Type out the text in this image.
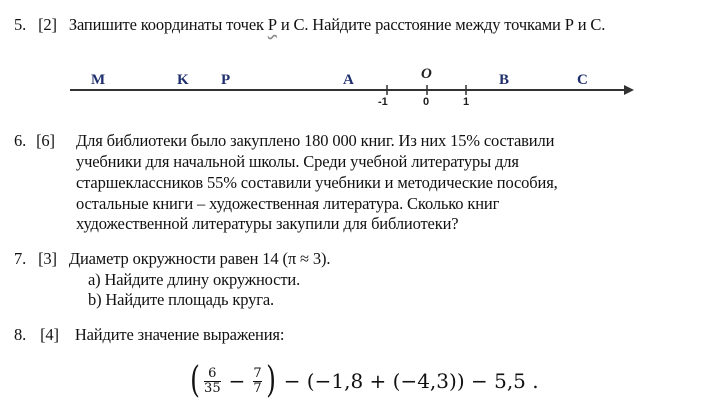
5. [2] Запишите координаты точек Р и С. Найдите расстояние между точками Р и С.
M	K P	A	O	B	C
-1	0	1
6. [6] Для библиотеки было закуплено 180 000 книг. Из них 15% составили
учебники для начальной школы. Среди учебной литературы для
старшеклассников 55% составили учебники и методические пособия,
остальные книги – художественная литература. Сколько книг
художественной литературы закупили для библиотеки?
7. [3] Диаметр окружности равен 14 (π ≈ 3).
a) Найдите длину окружности.
b) Найдите площадь круга.
8. [4] Найдите значение выражения:
( $\frac{6}{35} - \frac{7}{7}$ ) − (−1,8 + (−4,3)) − 5,5 .
